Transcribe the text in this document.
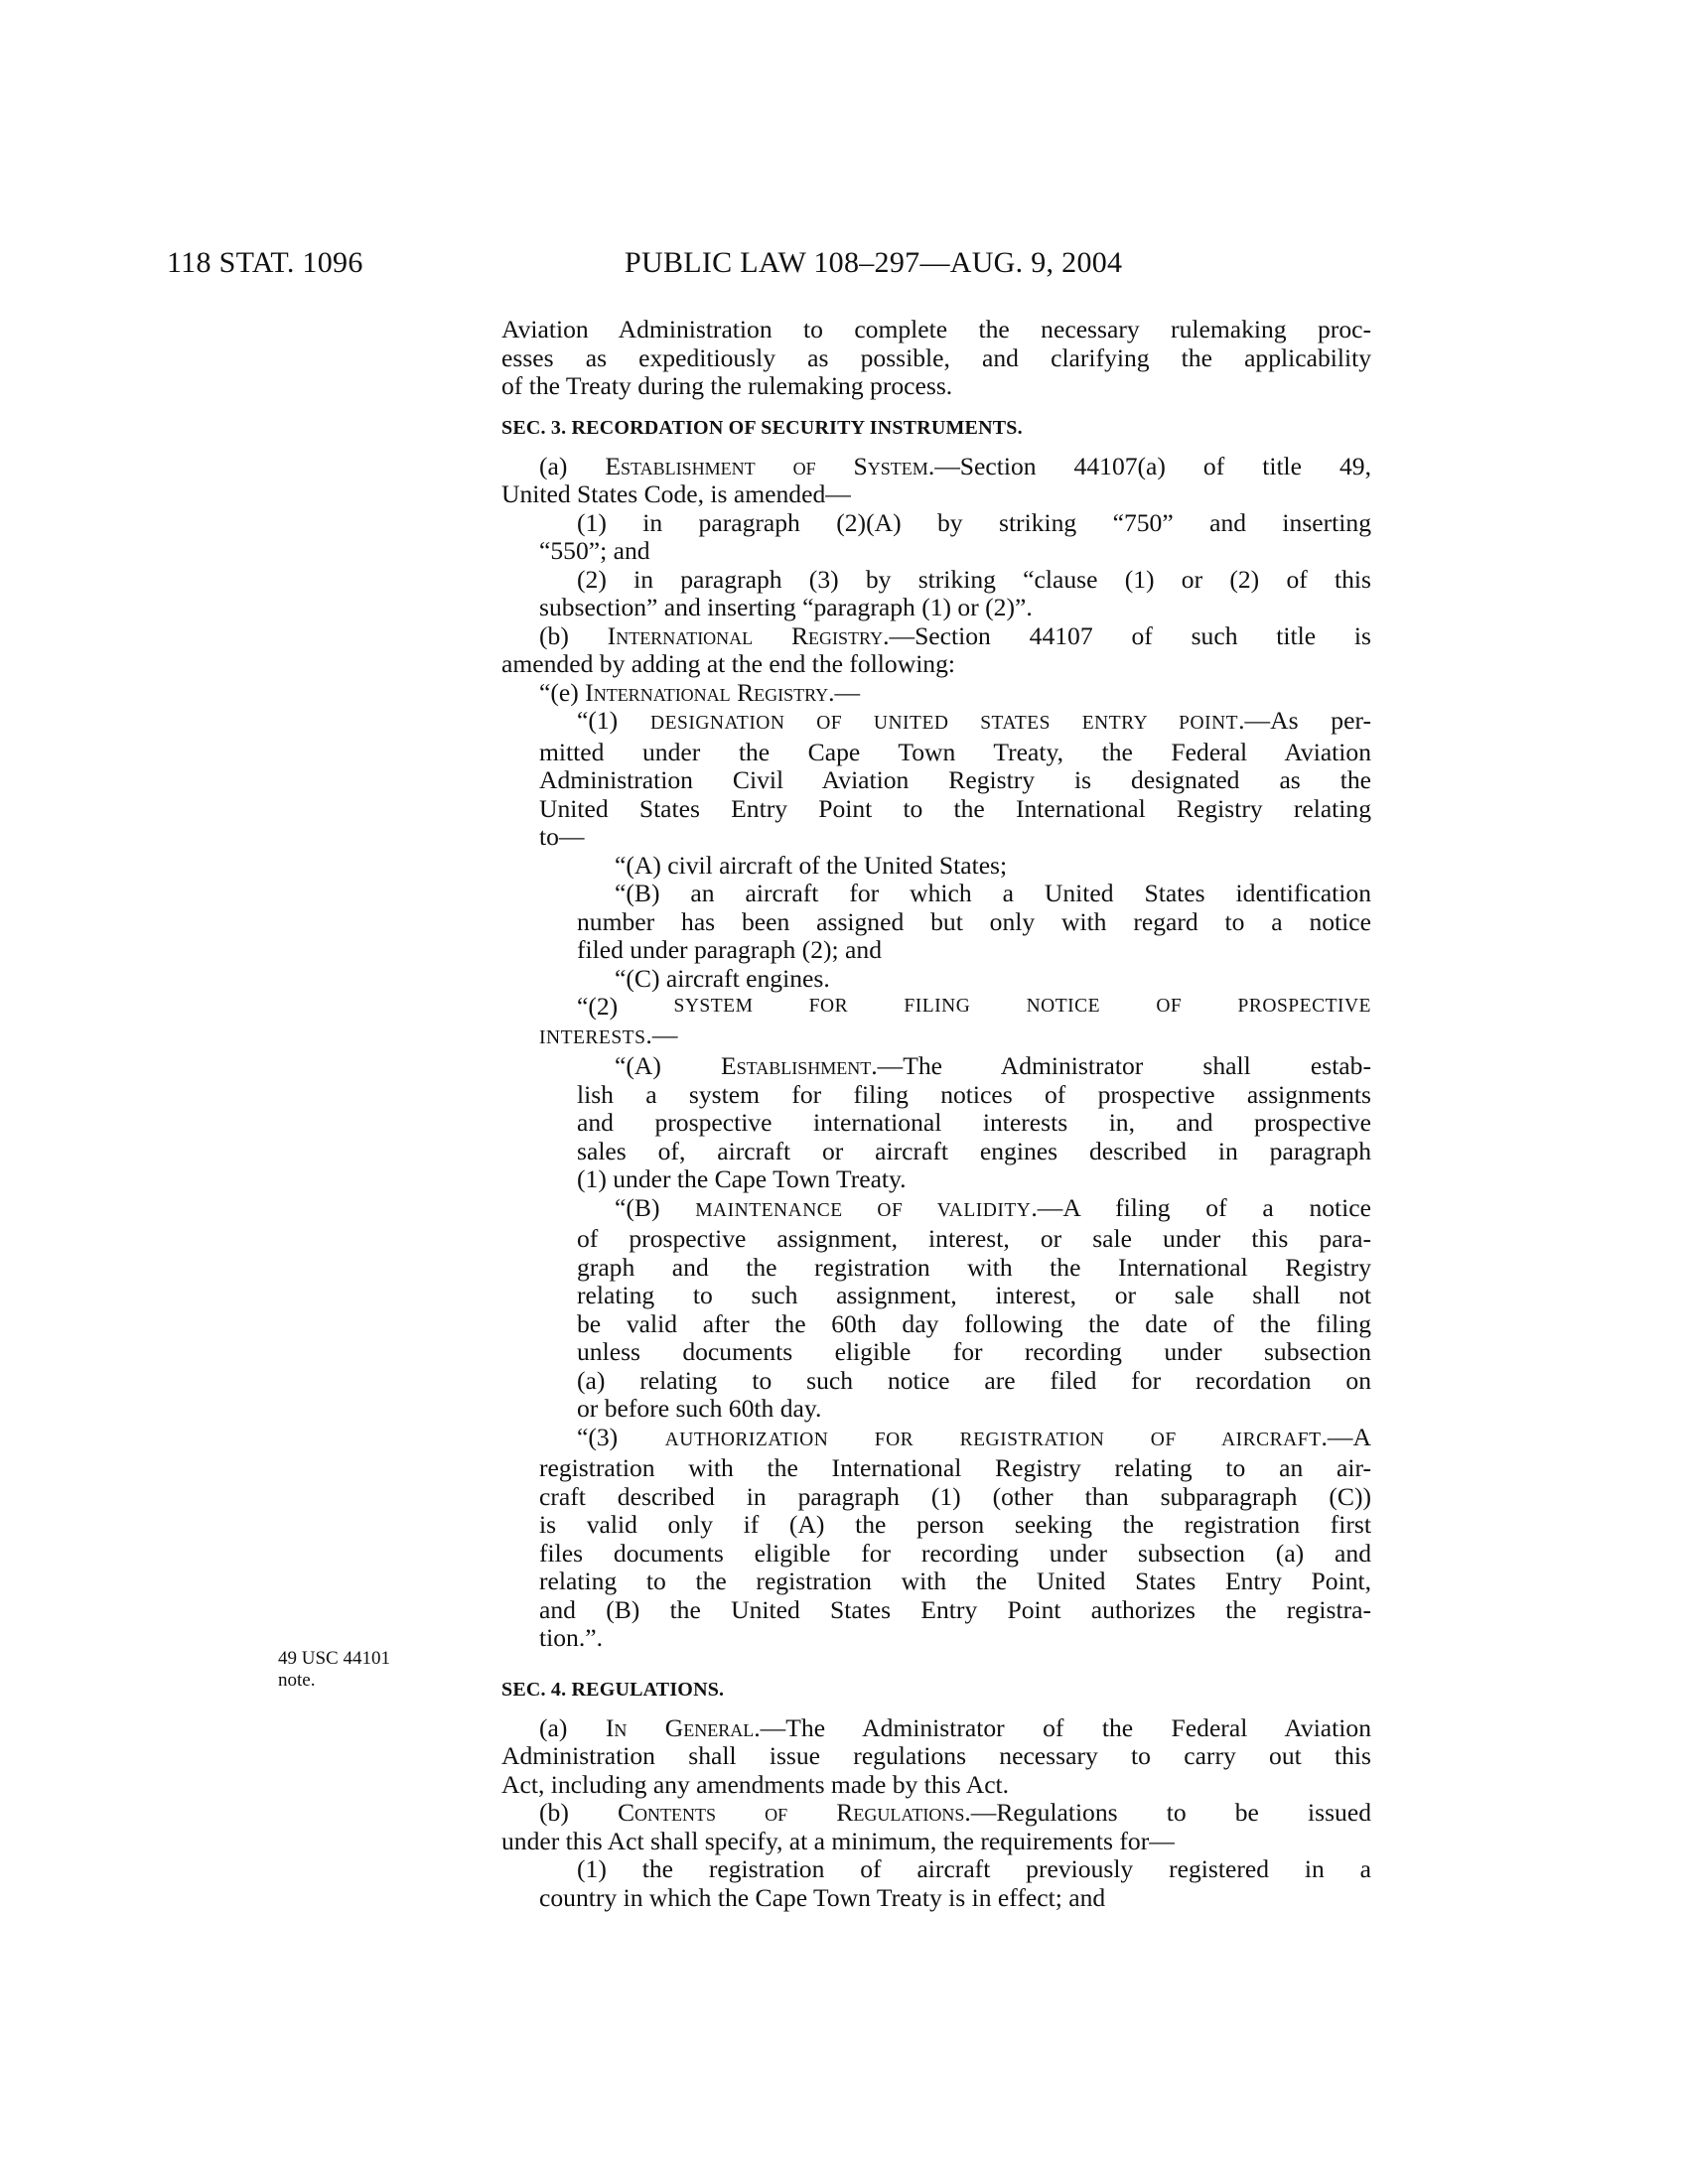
118 STAT. 1096	PUBLIC LAW 108–297—AUG. 9, 2004
49 USC 44101
note.
Aviation Administration to complete the necessary rulemaking proc-
esses as expeditiously as possible, and clarifying the applicability
of the Treaty during the rulemaking process.
SEC. 3. RECORDATION OF SECURITY INSTRUMENTS.
(a) Establishment of System.—Section 44107(a) of title 49,
United States Code, is amended—
(1) in paragraph (2)(A) by striking “750” and inserting
“550”; and
(2) in paragraph (3) by striking “clause (1) or (2) of this
subsection” and inserting “paragraph (1) or (2)”.
(b) International Registry.—Section 44107 of such title is
amended by adding at the end the following:
“(e) International Registry.—
“(1) DESIGNATION OF UNITED STATES ENTRY POINT.—As per-
mitted under the Cape Town Treaty, the Federal Aviation
Administration Civil Aviation Registry is designated as the
United States Entry Point to the International Registry relating
to—
“(A) civil aircraft of the United States;
“(B) an aircraft for which a United States identification
number has been assigned but only with regard to a notice
filed under paragraph (2); and
“(C) aircraft engines.
“(2)	SYSTEM	FOR	FILING	NOTICE	OF	PROSPECTIVE
INTERESTS.—
“(A) Establishment.—The Administrator shall estab-
lish a system for filing notices of prospective assignments
and prospective international interests in, and prospective
sales of, aircraft or aircraft engines described in paragraph
(1) under the Cape Town Treaty.
“(B) MAINTENANCE OF VALIDITY.—A filing of a notice
of prospective assignment, interest, or sale under this para-
graph and the registration with the International Registry
relating to such assignment, interest, or sale shall not
be valid after the 60th day following the date of the filing
unless documents eligible for recording under subsection
(a) relating to such notice are filed for recordation on
or before such 60th day.
“(3) AUTHORIZATION FOR REGISTRATION OF AIRCRAFT.—A
registration with the International Registry relating to an air-
craft described in paragraph (1) (other than subparagraph (C))
is valid only if (A) the person seeking the registration first
files documents eligible for recording under subsection (a) and
relating to the registration with the United States Entry Point,
and (B) the United States Entry Point authorizes the registra-
tion.”.
SEC. 4. REGULATIONS.
(a) In General.—The Administrator of the Federal Aviation
Administration shall issue regulations necessary to carry out this
Act, including any amendments made by this Act.
(b) Contents of Regulations.—Regulations to be issued
under this Act shall specify, at a minimum, the requirements for—
(1) the registration of aircraft previously registered in a
country in which the Cape Town Treaty is in effect; and
